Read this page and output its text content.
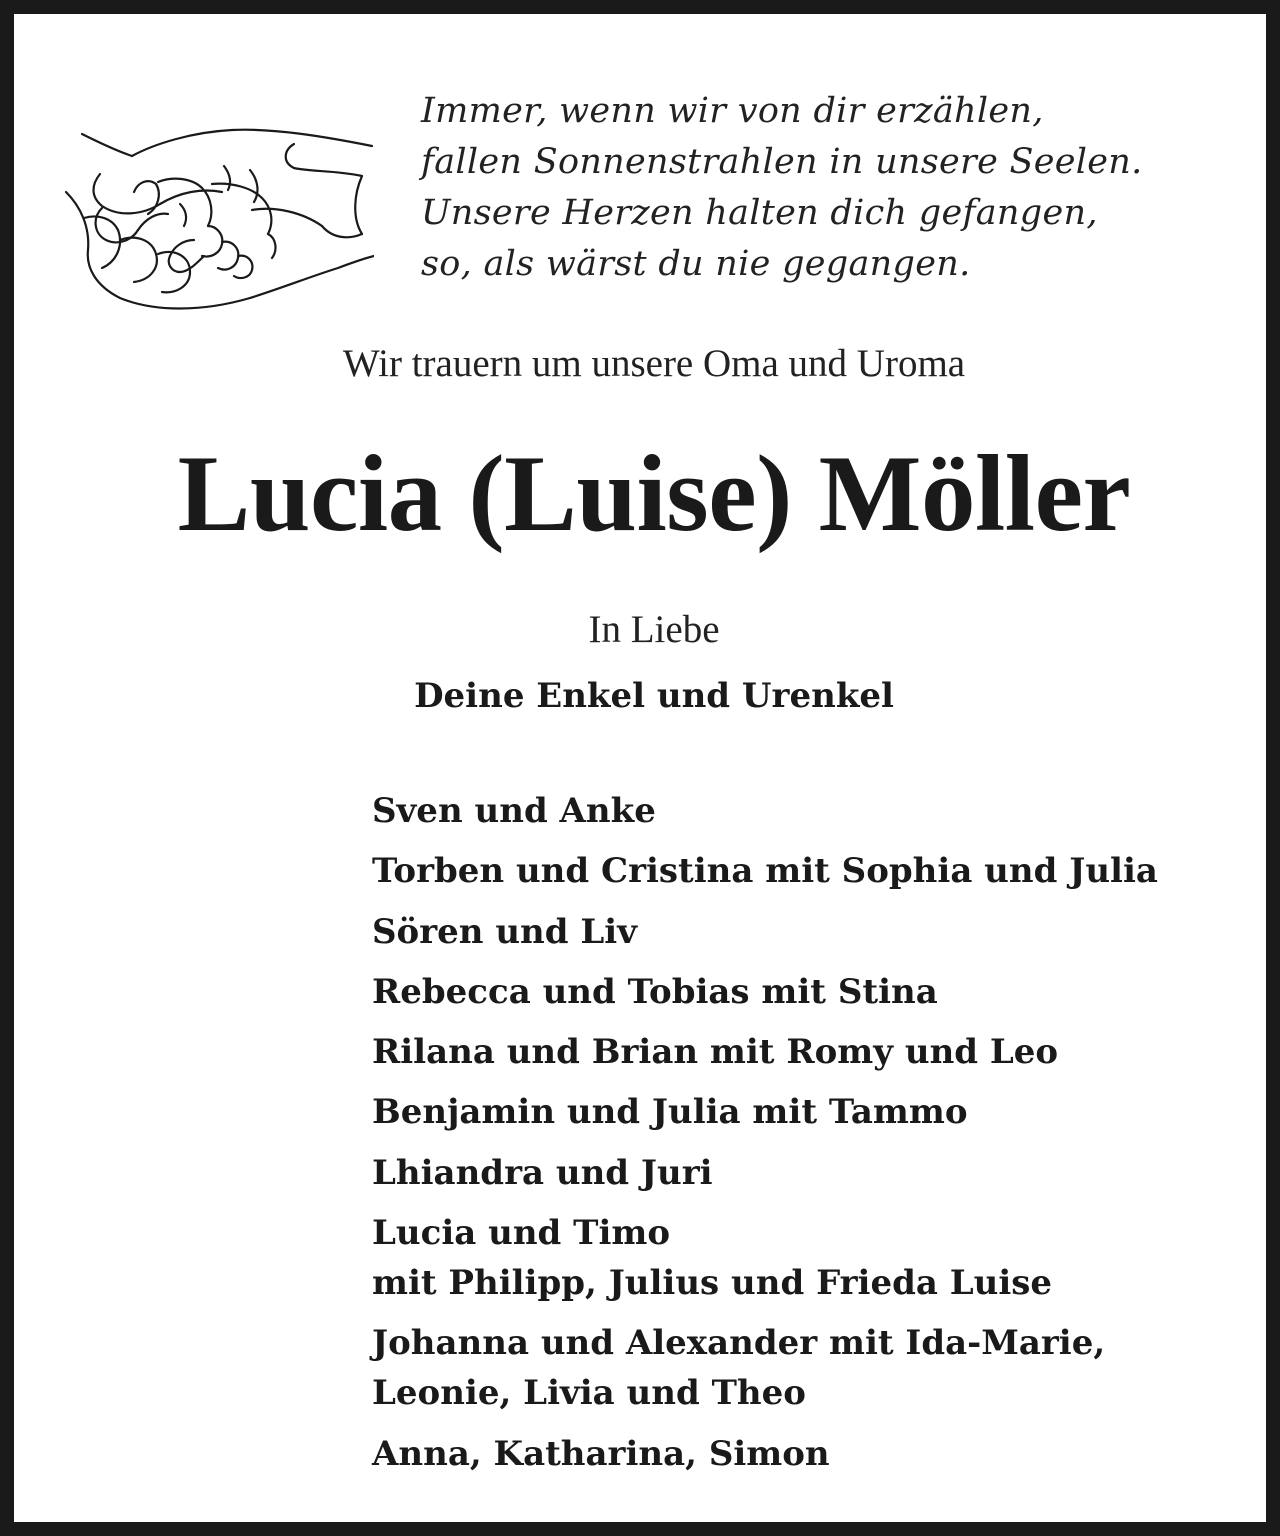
Immer, wenn wir von dir erzählen,
fallen Sonnenstrahlen in unsere Seelen.
Unsere Herzen halten dich gefangen,
so, als wärst du nie gegangen.
Wir trauern um unsere Oma und Uroma
Lucia (Luise) Möller
In Liebe
Deine Enkel und Urenkel
Sven und Anke
Torben und Cristina mit Sophia und Julia
Sören und Liv
Rebecca und Tobias mit Stina
Rilana und Brian mit Romy und Leo
Benjamin und Julia mit Tammo
Lhiandra und Juri
Lucia und Timo
mit Philipp, Julius und Frieda Luise
Johanna und Alexander mit Ida-Marie,
Leonie, Livia und Theo
Anna, Katharina, Simon
